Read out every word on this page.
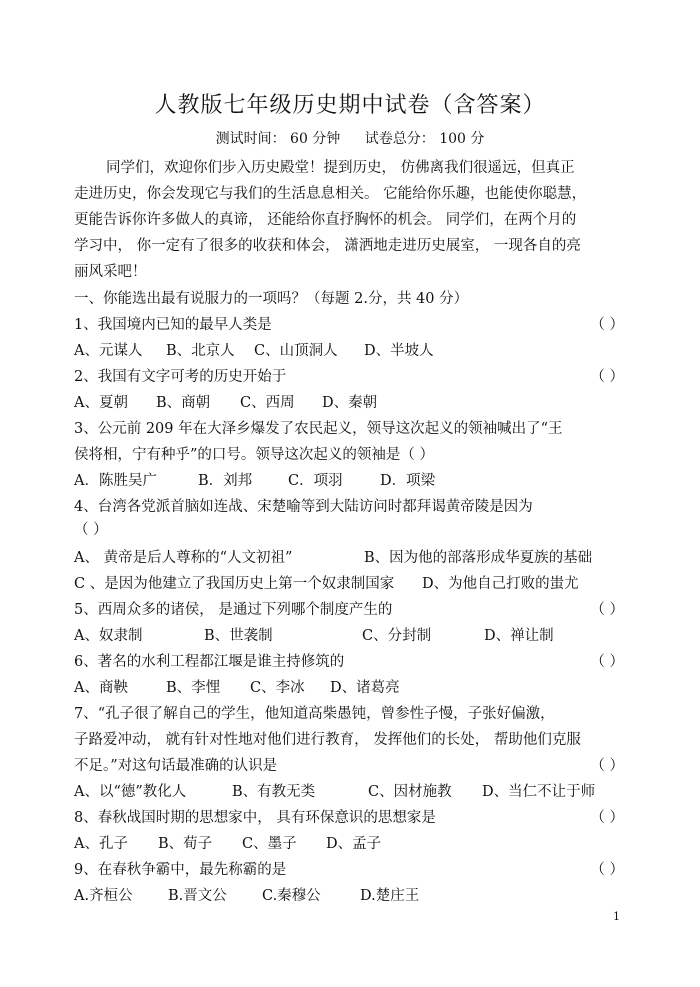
人教版七年级历史期中试卷（含答案）
测试时间： 60 分钟 试卷总分： 100 分
同学们，欢迎你们步入历史殿堂！提到历史， 仿佛离我们很遥远，但真正
走进历史，你会发现它与我们的生活息息相关。 它能给你乐趣，也能使你聪慧，
更能告诉你许多做人的真谛， 还能给你直抒胸怀的机会。 同学们，在两个月的
学习中， 你一定有了很多的收获和体会， 潇洒地走进历史展室， 一现各自的亮
丽风采吧！
一、你能选出最有说服力的一项吗？（每题 2.分，共 40 分）
1、我国境内已知的最早人类是	（ ）
A、元谋人 B、北京人 C、山顶洞人 D、半坡人
2、我国有文字可考的历史开始于	（ ）
A、夏朝 B、商朝 C、西周 D、秦朝
3、公元前 209 年在大泽乡爆发了农民起义，领导这次起义的领袖喊出了“王
侯将相，宁有种乎”的口号。领导这次起义的领袖是（ ）
A．陈胜吴广	B．刘邦 C．项羽	D．项梁
4、台湾各党派首脑如连战、宋楚喻等到大陆访问时都拜谒黄帝陵是因为
（ ）
A、 黄帝是后人尊称的“人文初祖”	B、因为他的部落形成华夏族的基础
C 、是因为他建立了我国历史上第一个奴隶制国家 D、为他自己打败的蚩尤
5、西周众多的诸侯， 是通过下列哪个制度产生的	（ ）
A、奴隶制	B、世袭制	C、分封制	D、禅让制
6、著名的水利工程都江堰是谁主持修筑的	（ ）
A、商鞅	B、李悝 C、李冰 D、诸葛亮
7、“孔子很了解自己的学生，他知道高柴愚钝，曾参性子慢，子张好偏激，
子路爱冲动， 就有针对性地对他们进行教育， 发挥他们的长处， 帮助他们克服
不足。”对这句话最准确的认识是	（ ）
A、以“德”教化人	B、有教无类	C、因材施教 D、当仁不让于师
8、春秋战国时期的思想家中， 具有环保意识的思想家是	（ ）
A、孔子 B、荀子 C、墨子 D、孟子
9、在春秋争霸中，最先称霸的是	（ ）
A.齐桓公 B.晋文公 C.秦穆公	D.楚庄王
1
